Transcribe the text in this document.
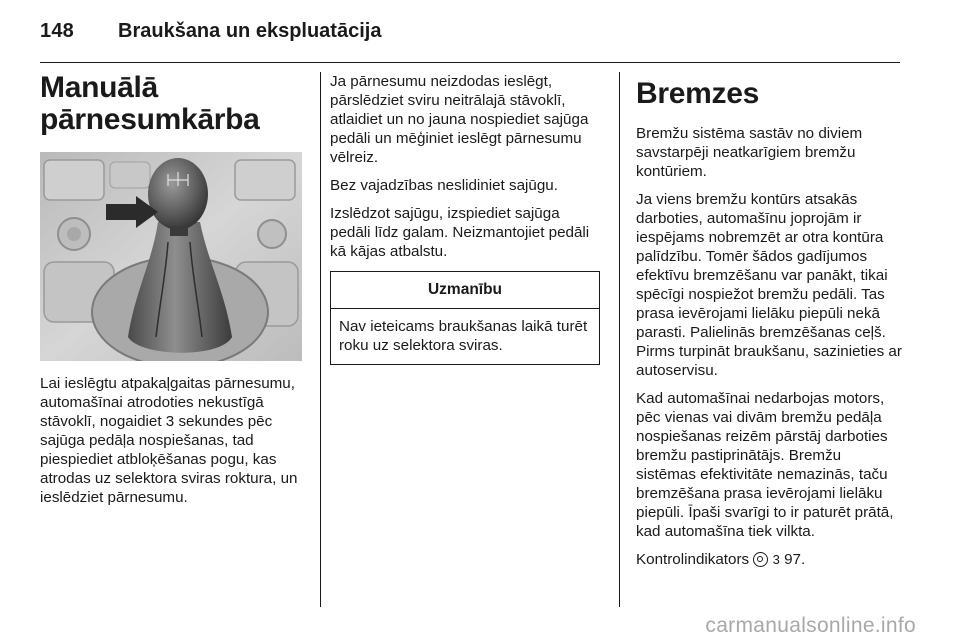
148 Braukšana un ekspluatācija
Manuālā
pārnesumkārba

Lai ieslēgtu atpakaļgaitas pārnesumu, automašīnai atrodoties nekustīgā stāvoklī, nogaidiet 3 sekundes pēc sajūga pedāļa nospiešanas, tad piespiediet atbloķēšanas pogu, kas atrodas uz selektora sviras roktura, un ieslēdziet pārnesumu.

Ja pārnesumu neizdodas ieslēgt, pārslēdziet sviru neitrālajā stāvoklī, atlaidiet un no jauna nospiediet sajūga pedāli un mēģiniet ieslēgt pārnesumu vēlreiz.

Bez vajadzības neslidiniet sajūgu.

Izslēdzot sajūgu, izspiediet sajūga pedāli līdz galam. Neizmantojiet pedāli kā kājas atbalstu.

Uzmanību

Nav ieteicams braukšanas laikā turēt roku uz selektora sviras.

Bremzes

Bremžu sistēma sastāv no diviem savstarpēji neatkarīgiem bremžu kontūriem.

Ja viens bremžu kontūrs atsakās darboties, automašīnu joprojām ir iespējams nobremzēt ar otra kontūra palīdzību. Tomēr šādos gadījumos efektīvu bremzēšanu var panākt, tikai spēcīgi nospiežot bremžu pedāli. Tas prasa ievērojami lielāku piepūli nekā parasti. Palielinās bremzēšanas ceļš. Pirms turpināt braukšanu, sazinieties ar autoservisu.

Kad automašīnai nedarbojas motors, pēc vienas vai divām bremžu pedāļa nospiešanas reizēm pārstāj darboties bremžu pastiprinātājs. Bremžu sistēmas efektivitāte nemazinās, taču bremzēšana prasa ievērojami lielāku piepūli. Īpaši svarīgi to ir paturēt prātā, kad automašīna tiek vilkta.

Kontrolindikators 3 97.

carmanualsonline.info
